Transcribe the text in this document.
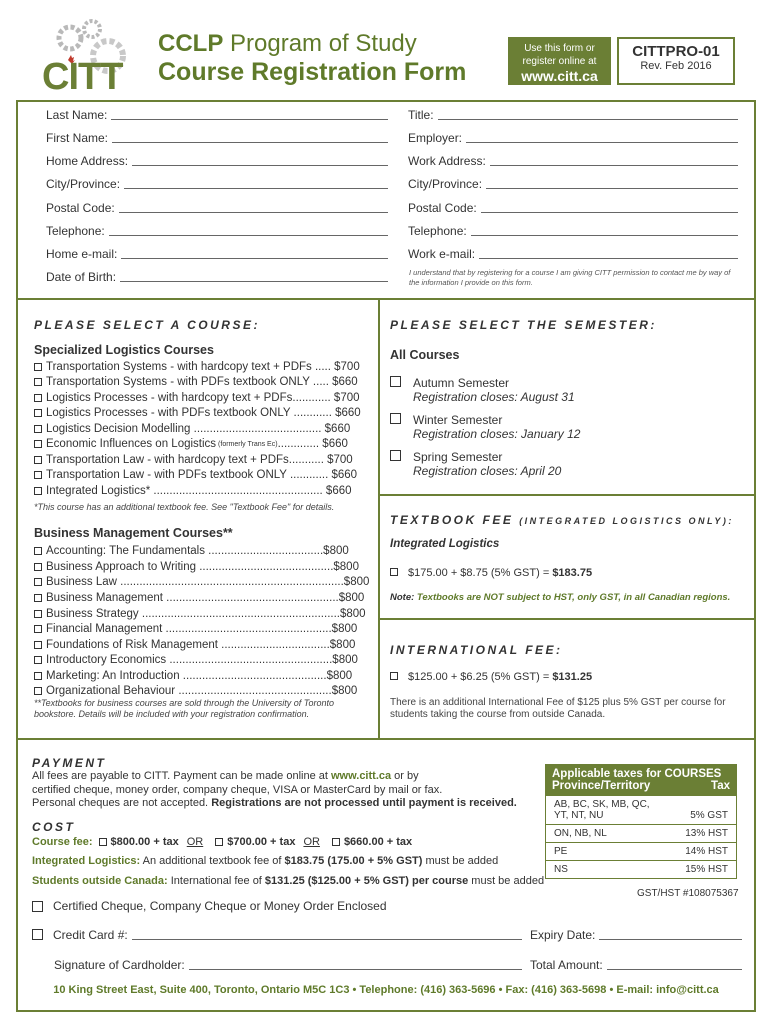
CITT
CCLP Program of Study
Course Registration Form
Use this form or
register online at
www.citt.ca
CITTPRO-01
Rev. Feb 2016
Last Name:
First Name:
Home Address:
City/Province:
Postal Code:
Telephone:
Home e-mail:
Date of Birth:
Title:
Employer:
Work Address:
City/Province:
Postal Code:
Telephone:
Work e-mail:
I understand that by registering for a course I am giving CITT permission to contact me by way of the information I provide on this form.
PLEASE SELECT A COURSE:
Specialized Logistics Courses
Transportation Systems - with hardcopy text + PDFs ..... $700
Transportation Systems - with PDFs textbook ONLY ..... $660
Logistics Processes - with hardcopy text + PDFs............ $700
Logistics Processes - with PDFs textbook ONLY ............ $660
Logistics Decision Modelling ........................................ $660
Economic Influences on Logistics (formerly Trans Ec) ............. $660
Transportation Law - with hardcopy text + PDFs........... $700
Transportation Law - with PDFs textbook ONLY ............ $660
Integrated Logistics* ..................................................... $660
*This course has an additional textbook fee. See "Textbook Fee" for details.
Business Management Courses**
Accounting: The Fundamentals ....................................$800
Business Approach to Writing ..........................................$800
Business Law ......................................................................$800
Business Management ......................................................$800
Business Strategy ..............................................................$800
Financial Management ....................................................$800
Foundations of Risk Management ..................................$800
Introductory Economics ...................................................$800
Marketing: An Introduction .............................................$800
Organizational Behaviour ................................................$800
**Textbooks for business courses are sold through the University of Toronto bookstore. Details will be included with your registration confirmation.
PLEASE SELECT THE SEMESTER:
All Courses
Autumn Semester
Registration closes: August 31
Winter Semester
Registration closes: January 12
Spring Semester
Registration closes: April 20
TEXTBOOK FEE (INTEGRATED LOGISTICS ONLY):
Integrated Logistics
$175.00 + $8.75 (5% GST) = $183.75
Note: Textbooks are NOT subject to HST, only GST, in all Canadian regions.
INTERNATIONAL FEE:
$125.00 + $6.25 (5% GST) = $131.25
There is an additional International Fee of $125 plus 5% GST per course for students taking the course from outside Canada.
PAYMENT
All fees are payable to CITT. Payment can be made online at www.citt.ca or by
certified cheque, money order, company cheque, VISA or MasterCard by mail or fax.
Personal cheques are not accepted. Registrations are not processed until payment is received.
COST
Course fee: $800.00 + tax OR $700.00 + tax OR $660.00 + tax
Integrated Logistics: An additional textbook fee of $183.75 (175.00 + 5% GST) must be added
Students outside Canada: International fee of $131.25 ($125.00 + 5% GST) per course must be added
Applicable taxes for COURSES
Province/Territory	Tax
AB, BC, SK, MB, QC, YT, NT, NU	5% GST
ON, NB, NL	13% HST
PE	14% HST
NS	15% HST
GST/HST #108075367
Certified Cheque, Company Cheque or Money Order Enclosed
Credit Card #:	Expiry Date:
Signature of Cardholder:	Total Amount:
10 King Street East, Suite 400, Toronto, Ontario M5C 1C3 • Telephone: (416) 363-5696 • Fax: (416) 363-5698 • E-mail: info@citt.ca
